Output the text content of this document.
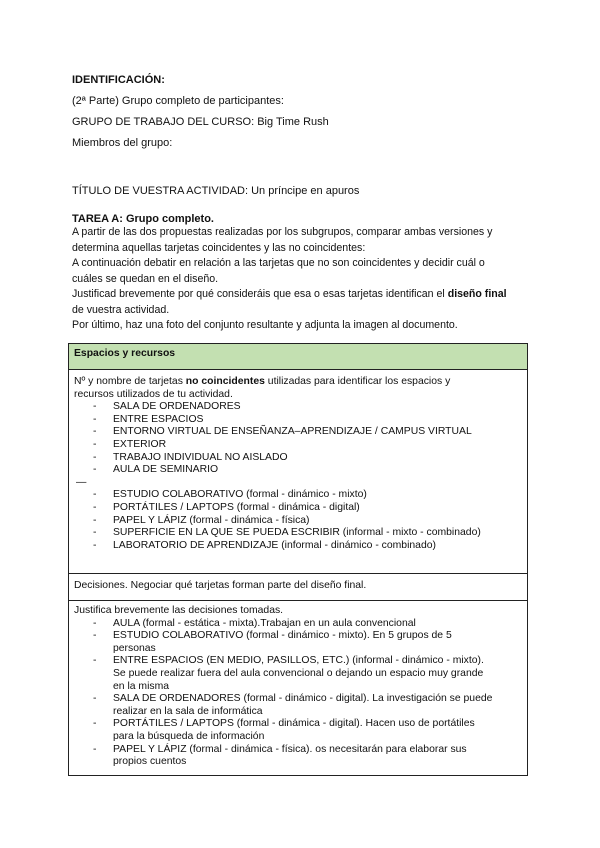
IDENTIFICACIÓN:
(2ª Parte) Grupo completo de participantes:
GRUPO DE TRABAJO DEL CURSO: Big Time Rush
Miembros del grupo:
TÍTULO DE VUESTRA ACTIVIDAD: Un príncipe en apuros
TAREA A: Grupo completo.
A partir de las dos propuestas realizadas por los subgrupos, comparar ambas versiones y
determina aquellas tarjetas coincidentes y las no coincidentes:
A continuación debatir en relación a las tarjetas que no son coincidentes y decidir cuál o
cuáles se quedan en el diseño.
Justificad brevemente por qué consideráis que esa o esas tarjetas identifican el diseño final
de vuestra actividad.
Por último, haz una foto del conjunto resultante y adjunta la imagen al documento.
Espacios y recursos

Nº y nombre de tarjetas no coincidentes utilizadas para identificar los espacios y
recursos utilizados de tu actividad.
- SALA DE ORDENADORES
- ENTRE ESPACIOS
- ENTORNO VIRTUAL DE ENSEÑANZA–APRENDIZAJE / CAMPUS VIRTUAL
- EXTERIOR
- TRABAJO INDIVIDUAL NO AISLADO
- AULA DE SEMINARIO
—
- ESTUDIO COLABORATIVO (formal - dinámico - mixto)
- PORTÁTILES / LAPTOPS (formal - dinámica - digital)
- PAPEL Y LÁPIZ (formal - dinámica - física)
- SUPERFICIE EN LA QUE SE PUEDA ESCRIBIR (informal - mixto - combinado)
- LABORATORIO DE APRENDIZAJE (informal - dinámico - combinado)

Decisiones. Negociar qué tarjetas forman parte del diseño final.

Justifica brevemente las decisiones tomadas.
- AULA (formal - estática - mixta).Trabajan en un aula convencional
- ESTUDIO COLABORATIVO (formal - dinámico - mixto). En 5 grupos de 5
personas
- ENTRE ESPACIOS (EN MEDIO, PASILLOS, ETC.) (informal - dinámico - mixto).
Se puede realizar fuera del aula convencional o dejando un espacio muy grande
en la misma
- SALA DE ORDENADORES (formal - dinámico - digital). La investigación se puede
realizar en la sala de informática
- PORTÁTILES / LAPTOPS (formal - dinámica - digital). Hacen uso de portátiles
para la búsqueda de información
- PAPEL Y LÁPIZ (formal - dinámica - física). os necesitarán para elaborar sus
propios cuentos
